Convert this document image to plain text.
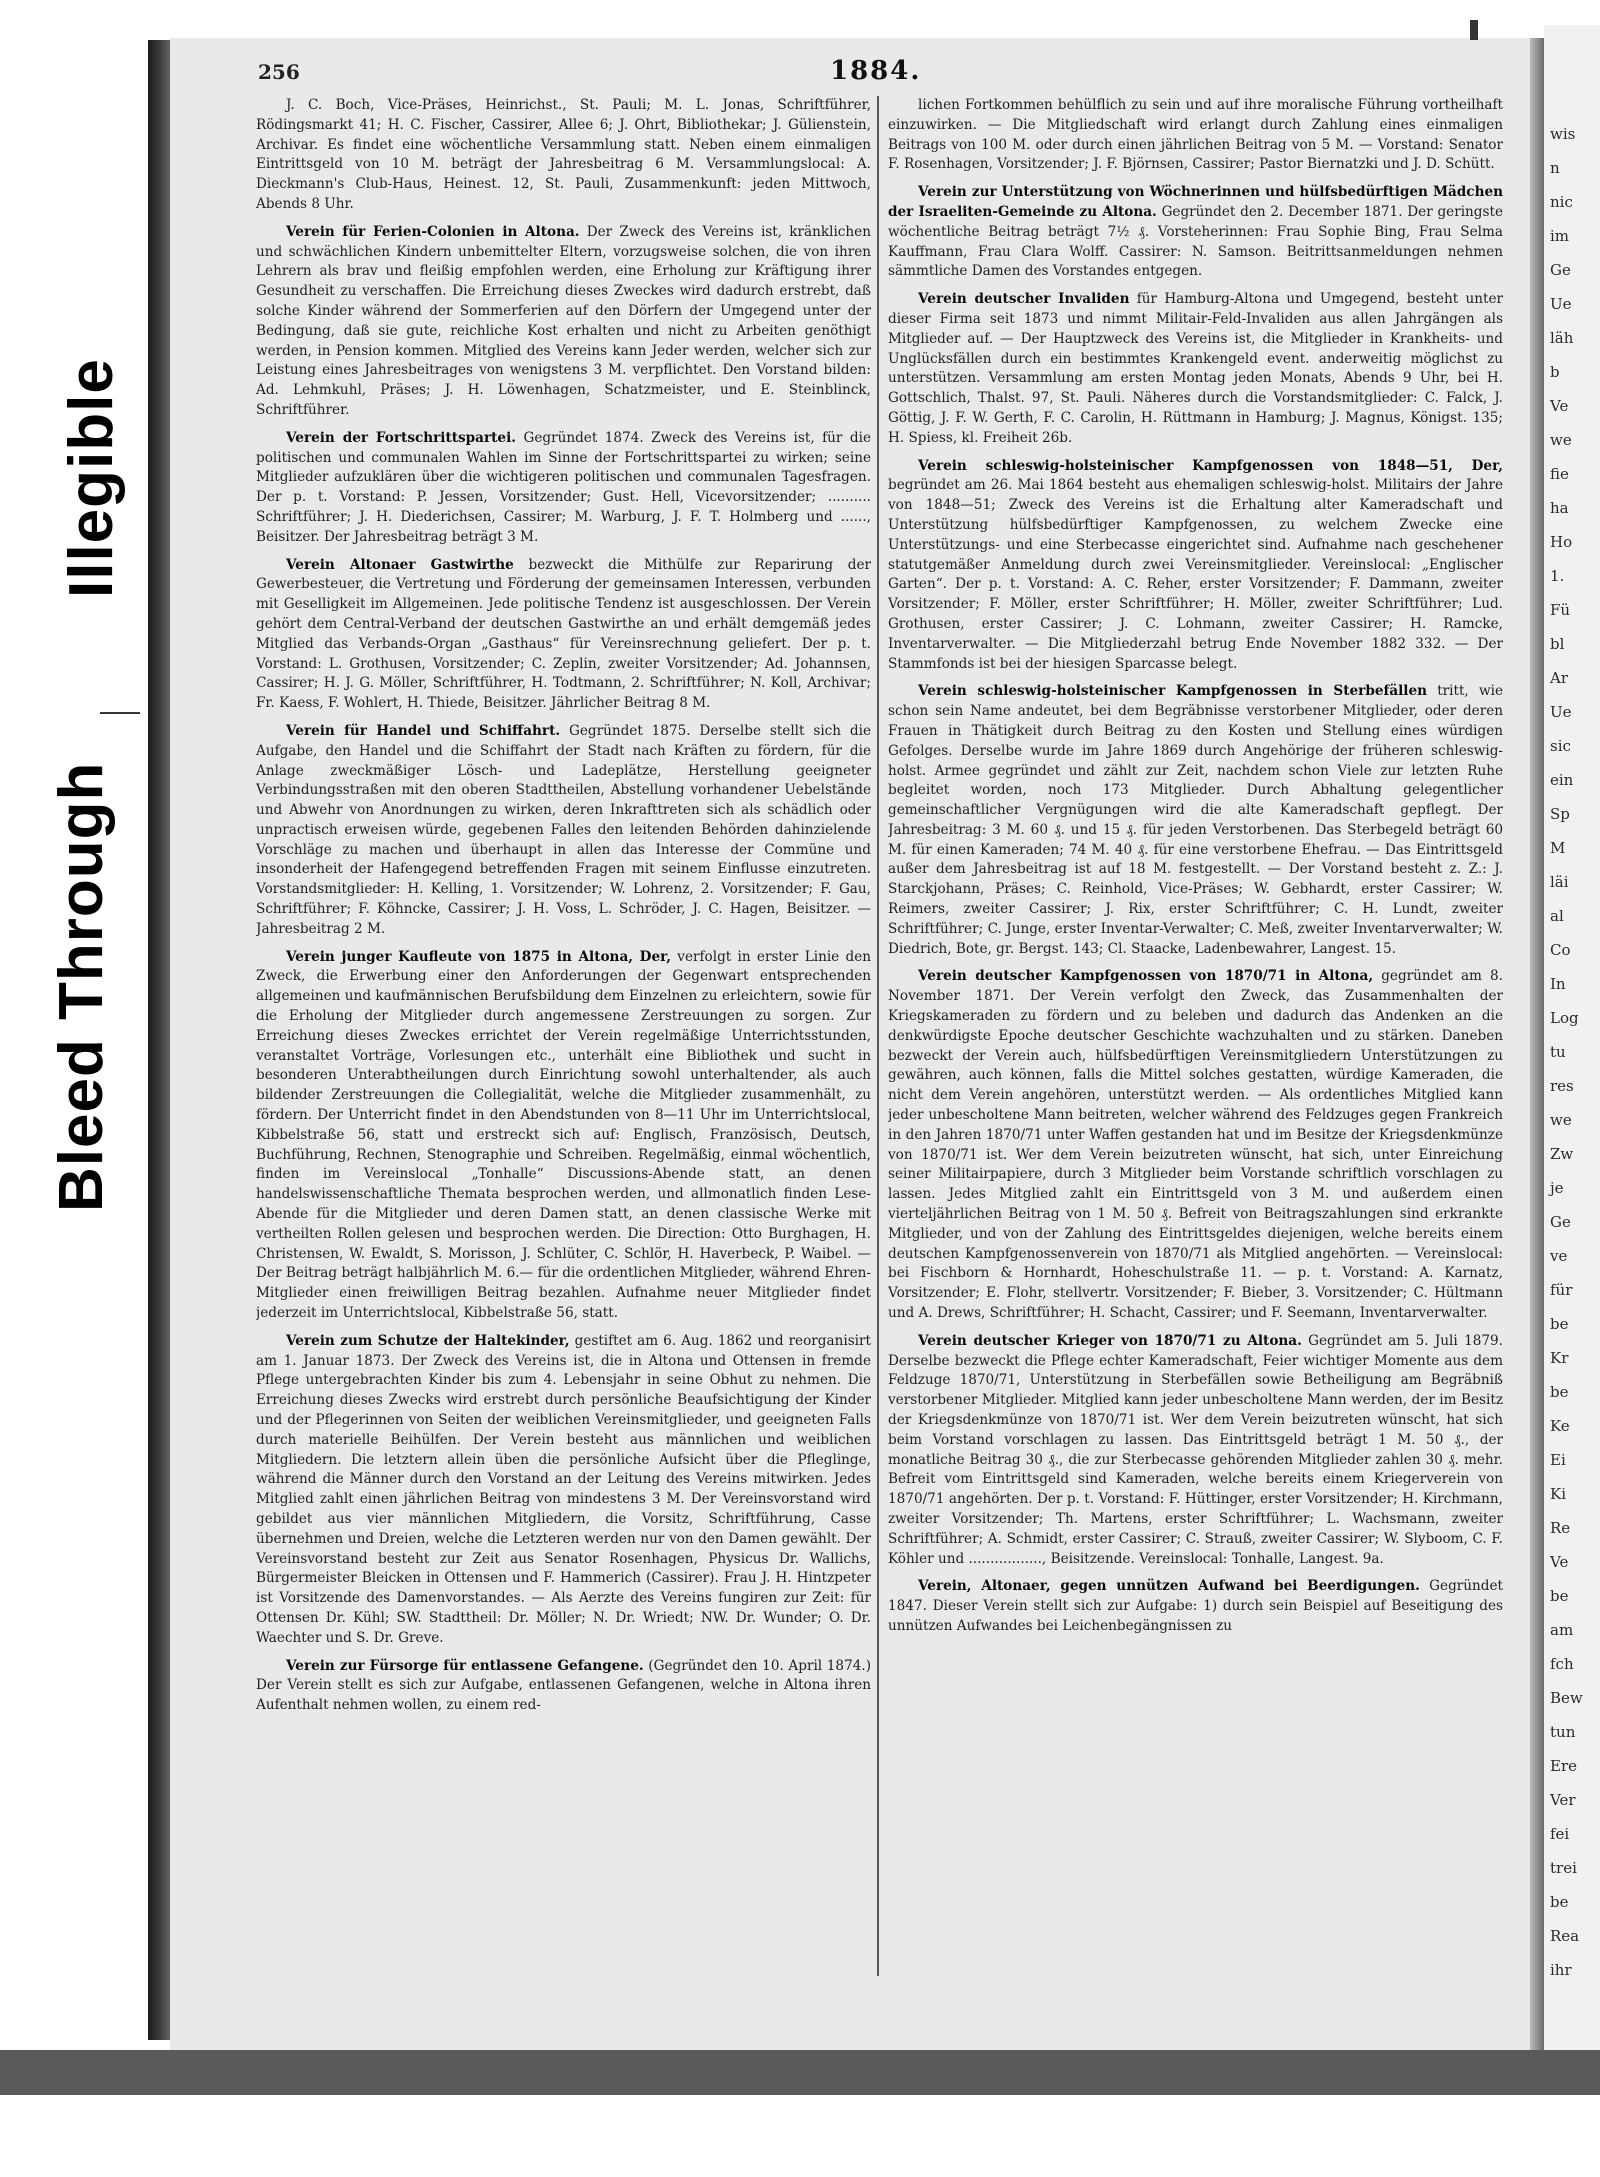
wis
n
nic
im
Ge
Ue
läh
b
Ve
we
fie
ha
Ho
1.
Fü
bl
Ar
Ue
sic
ein
Sp
M
läi
al
Co
In
Log
tu
res
we
Zw
je
Ge
ve
für
be
Kr
be
Ke
Ei
Ki
Re
Ve
be
am
fch
Bew
tun
Ere
Ver
fei
trei
be
Rea
ihr
256	1884.

J. C. Boch, Vice-Präses, Heinrichst., St. Pauli; M. L. Jonas, Schriftführer, Rödingsmarkt 41; H. C. Fischer, Cassirer, Allee 6; J. Ohrt, Bibliothekar; J. Gülienstein, Archivar. Es findet eine wöchentliche Versammlung statt. Neben einem einmaligen Eintrittsgeld von 10 M. beträgt der Jahresbeitrag 6 M. Versammlungslocal: A. Dieckmann's Club-Haus, Heinest. 12, St. Pauli, Zusammenkunft: jeden Mittwoch, Abends 8 Uhr.

Verein für Ferien-Colonien in Altona. Der Zweck des Vereins ist, kränklichen und schwächlichen Kindern unbemittelter Eltern, vorzugsweise solchen, die von ihren Lehrern als brav und fleißig empfohlen werden, eine Erholung zur Kräftigung ihrer Gesundheit zu verschaffen. Die Erreichung dieses Zweckes wird dadurch erstrebt, daß solche Kinder während der Sommerferien auf den Dörfern der Umgegend unter der Bedingung, daß sie gute, reichliche Kost erhalten und nicht zu Arbeiten genöthigt werden, in Pension kommen. Mitglied des Vereins kann Jeder werden, welcher sich zur Leistung eines Jahresbeitrages von wenigstens 3 M. verpflichtet. Den Vorstand bilden: Ad. Lehmkuhl, Präses; J. H. Löwenhagen, Schatzmeister, und E. Steinblinck, Schriftführer.

Verein der Fortschrittspartei. Gegründet 1874. Zweck des Vereins ist, für die politischen und communalen Wahlen im Sinne der Fortschrittspartei zu wirken; seine Mitglieder aufzuklären über die wichtigeren politischen und communalen Tagesfragen. Der p. t. Vorstand: P. Jessen, Vorsitzender; Gust. Hell, Vicevorsitzender; .......... Schriftführer; J. H. Diederichsen, Cassirer; M. Warburg, J. F. T. Holmberg und ......, Beisitzer. Der Jahresbeitrag beträgt 3 M.

Verein Altonaer Gastwirthe bezweckt die Mithülfe zur Reparirung der Gewerbesteuer, die Vertretung und Förderung der gemeinsamen Interessen, verbunden mit Geselligkeit im Allgemeinen. Jede politische Tendenz ist ausgeschlossen. Der Verein gehört dem Central-Verband der deutschen Gastwirthe an und erhält demgemäß jedes Mitglied das Verbands-Organ „Gasthaus“ für Vereinsrechnung geliefert. Der p. t. Vorstand: L. Grothusen, Vorsitzender; C. Zeplin, zweiter Vorsitzender; Ad. Johannsen, Cassirer; H. J. G. Möller, Schriftführer, H. Todtmann, 2. Schriftführer; N. Koll, Archivar; Fr. Kaess, F. Wohlert, H. Thiede, Beisitzer. Jährlicher Beitrag 8 M.

Verein für Handel und Schiffahrt. Gegründet 1875. Derselbe stellt sich die Aufgabe, den Handel und die Schiffahrt der Stadt nach Kräften zu fördern, für die Anlage zweckmäßiger Lösch- und Ladeplätze, Herstellung geeigneter Verbindungsstraßen mit den oberen Stadttheilen, Abstellung vorhandener Uebelstände und Abwehr von Anordnungen zu wirken, deren Inkrafttreten sich als schädlich oder unpractisch erweisen würde, gegebenen Falles den leitenden Behörden dahinzielende Vorschläge zu machen und überhaupt in allen das Interesse der Commüne und insonderheit der Hafengegend betreffenden Fragen mit seinem Einflusse einzutreten. Vorstandsmitglieder: H. Kelling, 1. Vorsitzender; W. Lohrenz, 2. Vorsitzender; F. Gau, Schriftführer; F. Köhncke, Cassirer; J. H. Voss, L. Schröder, J. C. Hagen, Beisitzer. — Jahresbeitrag 2 M.

Verein junger Kaufleute von 1875 in Altona, Der, verfolgt in erster Linie den Zweck, die Erwerbung einer den Anforderungen der Gegenwart entsprechenden allgemeinen und kaufmännischen Berufsbildung dem Einzelnen zu erleichtern, sowie für die Erholung der Mitglieder durch angemessene Zerstreuungen zu sorgen. Zur Erreichung dieses Zweckes errichtet der Verein regelmäßige Unterrichtsstunden, veranstaltet Vorträge, Vorlesungen etc., unterhält eine Bibliothek und sucht in besonderen Unterabtheilungen durch Einrichtung sowohl unterhaltender, als auch bildender Zerstreuungen die Collegialität, welche die Mitglieder zusammenhält, zu fördern. Der Unterricht findet in den Abendstunden von 8—11 Uhr im Unterrichtslocal, Kibbelstraße 56, statt und erstreckt sich auf: Englisch, Französisch, Deutsch, Buchführung, Rechnen, Stenographie und Schreiben. Regelmäßig, einmal wöchentlich, finden im Vereinslocal „Tonhalle“ Discussions-Abende statt, an denen handelswissenschaftliche Themata besprochen werden, und allmonatlich finden Lese-Abende für die Mitglieder und deren Damen statt, an denen classische Werke mit vertheilten Rollen gelesen und besprochen werden. Die Direction: Otto Burghagen, H. Christensen, W. Ewaldt, S. Morisson, J. Schlüter, C. Schlör, H. Haverbeck, P. Waibel. — Der Beitrag beträgt halbjährlich M. 6.— für die ordentlichen Mitglieder, während Ehren-Mitglieder einen freiwilligen Beitrag bezahlen. Aufnahme neuer Mitglieder findet jederzeit im Unterrichtslocal, Kibbelstraße 56, statt.

Verein zum Schutze der Haltekinder, gestiftet am 6. Aug. 1862 und reorganisirt am 1. Januar 1873. Der Zweck des Vereins ist, die in Altona und Ottensen in fremde Pflege untergebrachten Kinder bis zum 4. Lebensjahr in seine Obhut zu nehmen. Die Erreichung dieses Zwecks wird erstrebt durch persönliche Beaufsichtigung der Kinder und der Pflegerinnen von Seiten der weiblichen Vereinsmitglieder, und geeigneten Falls durch materielle Beihülfen. Der Verein besteht aus männlichen und weiblichen Mitgliedern. Die letztern allein üben die persönliche Aufsicht über die Pfleglinge, während die Männer durch den Vorstand an der Leitung des Vereins mitwirken. Jedes Mitglied zahlt einen jährlichen Beitrag von mindestens 3 M. Der Vereinsvorstand wird gebildet aus vier männlichen Mitgliedern, die Vorsitz, Schriftführung, Casse übernehmen und Dreien, welche die Letzteren werden nur von den Damen gewählt. Der Vereinsvorstand besteht zur Zeit aus Senator Rosenhagen, Physicus Dr. Wallichs, Bürgermeister Bleicken in Ottensen und F. Hammerich (Cassirer). Frau J. H. Hintzpeter ist Vorsitzende des Damenvorstandes. — Als Aerzte des Vereins fungiren zur Zeit: für Ottensen Dr. Kühl; SW. Stadttheil: Dr. Möller; N. Dr. Wriedt; NW. Dr. Wunder; O. Dr. Waechter und S. Dr. Greve.

Verein zur Fürsorge für entlassene Gefangene. (Gegründet den 10. April 1874.) Der Verein stellt es sich zur Aufgabe, entlassenen Gefangenen, welche in Altona ihren Aufenthalt nehmen wollen, zu einem red-

lichen Fortkommen behülflich zu sein und auf ihre moralische Führung vortheilhaft einzuwirken. — Die Mitgliedschaft wird erlangt durch Zahlung eines einmaligen Beitrags von 100 M. oder durch einen jährlichen Beitrag von 5 M. — Vorstand: Senator F. Rosenhagen, Vorsitzender; J. F. Björnsen, Cassirer; Pastor Biernatzki und J. D. Schütt.

Verein zur Unterstützung von Wöchnerinnen und hülfsbedürftigen Mädchen der Israeliten-Gemeinde zu Altona. Gegründet den 2. December 1871. Der geringste wöchentliche Beitrag beträgt 7½ ₰. Vorsteherinnen: Frau Sophie Bing, Frau Selma Kauffmann, Frau Clara Wolff. Cassirer: N. Samson. Beitrittsanmeldungen nehmen sämmtliche Damen des Vorstandes entgegen.

Verein deutscher Invaliden für Hamburg-Altona und Umgegend, besteht unter dieser Firma seit 1873 und nimmt Militair-Feld-Invaliden aus allen Jahrgängen als Mitglieder auf. — Der Hauptzweck des Vereins ist, die Mitglieder in Krankheits- und Unglücksfällen durch ein bestimmtes Krankengeld event. anderweitig möglichst zu unterstützen. Versammlung am ersten Montag jeden Monats, Abends 9 Uhr, bei H. Gottschlich, Thalst. 97, St. Pauli. Näheres durch die Vorstandsmitglieder: C. Falck, J. Göttig, J. F. W. Gerth, F. C. Carolin, H. Rüttmann in Hamburg; J. Magnus, Königst. 135; H. Spiess, kl. Freiheit 26b.

Verein schleswig-holsteinischer Kampfgenossen von 1848—51, Der, begründet am 26. Mai 1864 besteht aus ehemaligen schleswig-holst. Militairs der Jahre von 1848—51; Zweck des Vereins ist die Erhaltung alter Kameradschaft und Unterstützung hülfsbedürftiger Kampfgenossen, zu welchem Zwecke eine Unterstützungs- und eine Sterbecasse eingerichtet sind. Aufnahme nach geschehener statutgemäßer Anmeldung durch zwei Vereinsmitglieder. Vereinslocal: „Englischer Garten“. Der p. t. Vorstand: A. C. Reher, erster Vorsitzender; F. Dammann, zweiter Vorsitzender; F. Möller, erster Schriftführer; H. Möller, zweiter Schriftführer; Lud. Grothusen, erster Cassirer; J. C. Lohmann, zweiter Cassirer; H. Ramcke, Inventarverwalter. — Die Mitgliederzahl betrug Ende November 1882 332. — Der Stammfonds ist bei der hiesigen Sparcasse belegt.

Verein schleswig-holsteinischer Kampfgenossen in Sterbefällen tritt, wie schon sein Name andeutet, bei dem Begräbnisse verstorbener Mitglieder, oder deren Frauen in Thätigkeit durch Beitrag zu den Kosten und Stellung eines würdigen Gefolges. Derselbe wurde im Jahre 1869 durch Angehörige der früheren schleswig-holst. Armee gegründet und zählt zur Zeit, nachdem schon Viele zur letzten Ruhe begleitet worden, noch 173 Mitglieder. Durch Abhaltung gelegentlicher gemeinschaftlicher Vergnügungen wird die alte Kameradschaft gepflegt. Der Jahresbeitrag: 3 M. 60 ₰. und 15 ₰. für jeden Verstorbenen. Das Sterbegeld beträgt 60 M. für einen Kameraden; 74 M. 40 ₰. für eine verstorbene Ehefrau. — Das Eintrittsgeld außer dem Jahresbeitrag ist auf 18 M. festgestellt. — Der Vorstand besteht z. Z.: J. Starckjohann, Präses; C. Reinhold, Vice-Präses; W. Gebhardt, erster Cassirer; W. Reimers, zweiter Cassirer; J. Rix, erster Schriftführer; C. H. Lundt, zweiter Schriftführer; C. Junge, erster Inventar-Verwalter; C. Meß, zweiter Inventarverwalter; W. Diedrich, Bote, gr. Bergst. 143; Cl. Staacke, Ladenbewahrer, Langest. 15.

Verein deutscher Kampfgenossen von 1870/71 in Altona, gegründet am 8. November 1871. Der Verein verfolgt den Zweck, das Zusammenhalten der Kriegskameraden zu fördern und zu beleben und dadurch das Andenken an die denkwürdigste Epoche deutscher Geschichte wachzuhalten und zu stärken. Daneben bezweckt der Verein auch, hülfsbedürftigen Vereinsmitgliedern Unterstützungen zu gewähren, auch können, falls die Mittel solches gestatten, würdige Kameraden, die nicht dem Verein angehören, unterstützt werden. — Als ordentliches Mitglied kann jeder unbescholtene Mann beitreten, welcher während des Feldzuges gegen Frankreich in den Jahren 1870/71 unter Waffen gestanden hat und im Besitze der Kriegsdenkmünze von 1870/71 ist. Wer dem Verein beizutreten wünscht, hat sich, unter Einreichung seiner Militairpapiere, durch 3 Mitglieder beim Vorstande schriftlich vorschlagen zu lassen. Jedes Mitglied zahlt ein Eintrittsgeld von 3 M. und außerdem einen vierteljährlichen Beitrag von 1 M. 50 ₰. Befreit von Beitragszahlungen sind erkrankte Mitglieder, und von der Zahlung des Eintrittsgeldes diejenigen, welche bereits einem deutschen Kampfgenossenverein von 1870/71 als Mitglied angehörten. — Vereinslocal: bei Fischborn & Hornhardt, Hoheschulstraße 11. — p. t. Vorstand: A. Karnatz, Vorsitzender; E. Flohr, stellvertr. Vorsitzender; F. Bieber, 3. Vorsitzender; C. Hültmann und A. Drews, Schriftführer; H. Schacht, Cassirer; und F. Seemann, Inventarverwalter.

Verein deutscher Krieger von 1870/71 zu Altona. Gegründet am 5. Juli 1879. Derselbe bezweckt die Pflege echter Kameradschaft, Feier wichtiger Momente aus dem Feldzuge 1870/71, Unterstützung in Sterbefällen sowie Betheiligung am Begräbniß verstorbener Mitglieder. Mitglied kann jeder unbescholtene Mann werden, der im Besitz der Kriegsdenkmünze von 1870/71 ist. Wer dem Verein beizutreten wünscht, hat sich beim Vorstand vorschlagen zu lassen. Das Eintrittsgeld beträgt 1 M. 50 ₰., der monatliche Beitrag 30 ₰., die zur Sterbecasse gehörenden Mitglieder zahlen 30 ₰. mehr. Befreit vom Eintrittsgeld sind Kameraden, welche bereits einem Kriegerverein von 1870/71 angehörten. Der p. t. Vorstand: F. Hüttinger, erster Vorsitzender; H. Kirchmann, zweiter Vorsitzender; Th. Martens, erster Schriftführer; L. Wachsmann, zweiter Schriftführer; A. Schmidt, erster Cassirer; C. Strauß, zweiter Cassirer; W. Slyboom, C. F. Köhler und ................., Beisitzende. Vereinslocal: Tonhalle, Langest. 9a.

Verein, Altonaer, gegen unnützen Aufwand bei Beerdigungen. Gegründet 1847. Dieser Verein stellt sich zur Aufgabe: 1) durch sein Beispiel auf Beseitigung des unnützen Aufwandes bei Leichenbegängnissen zu

Illegible
Bleed Through
